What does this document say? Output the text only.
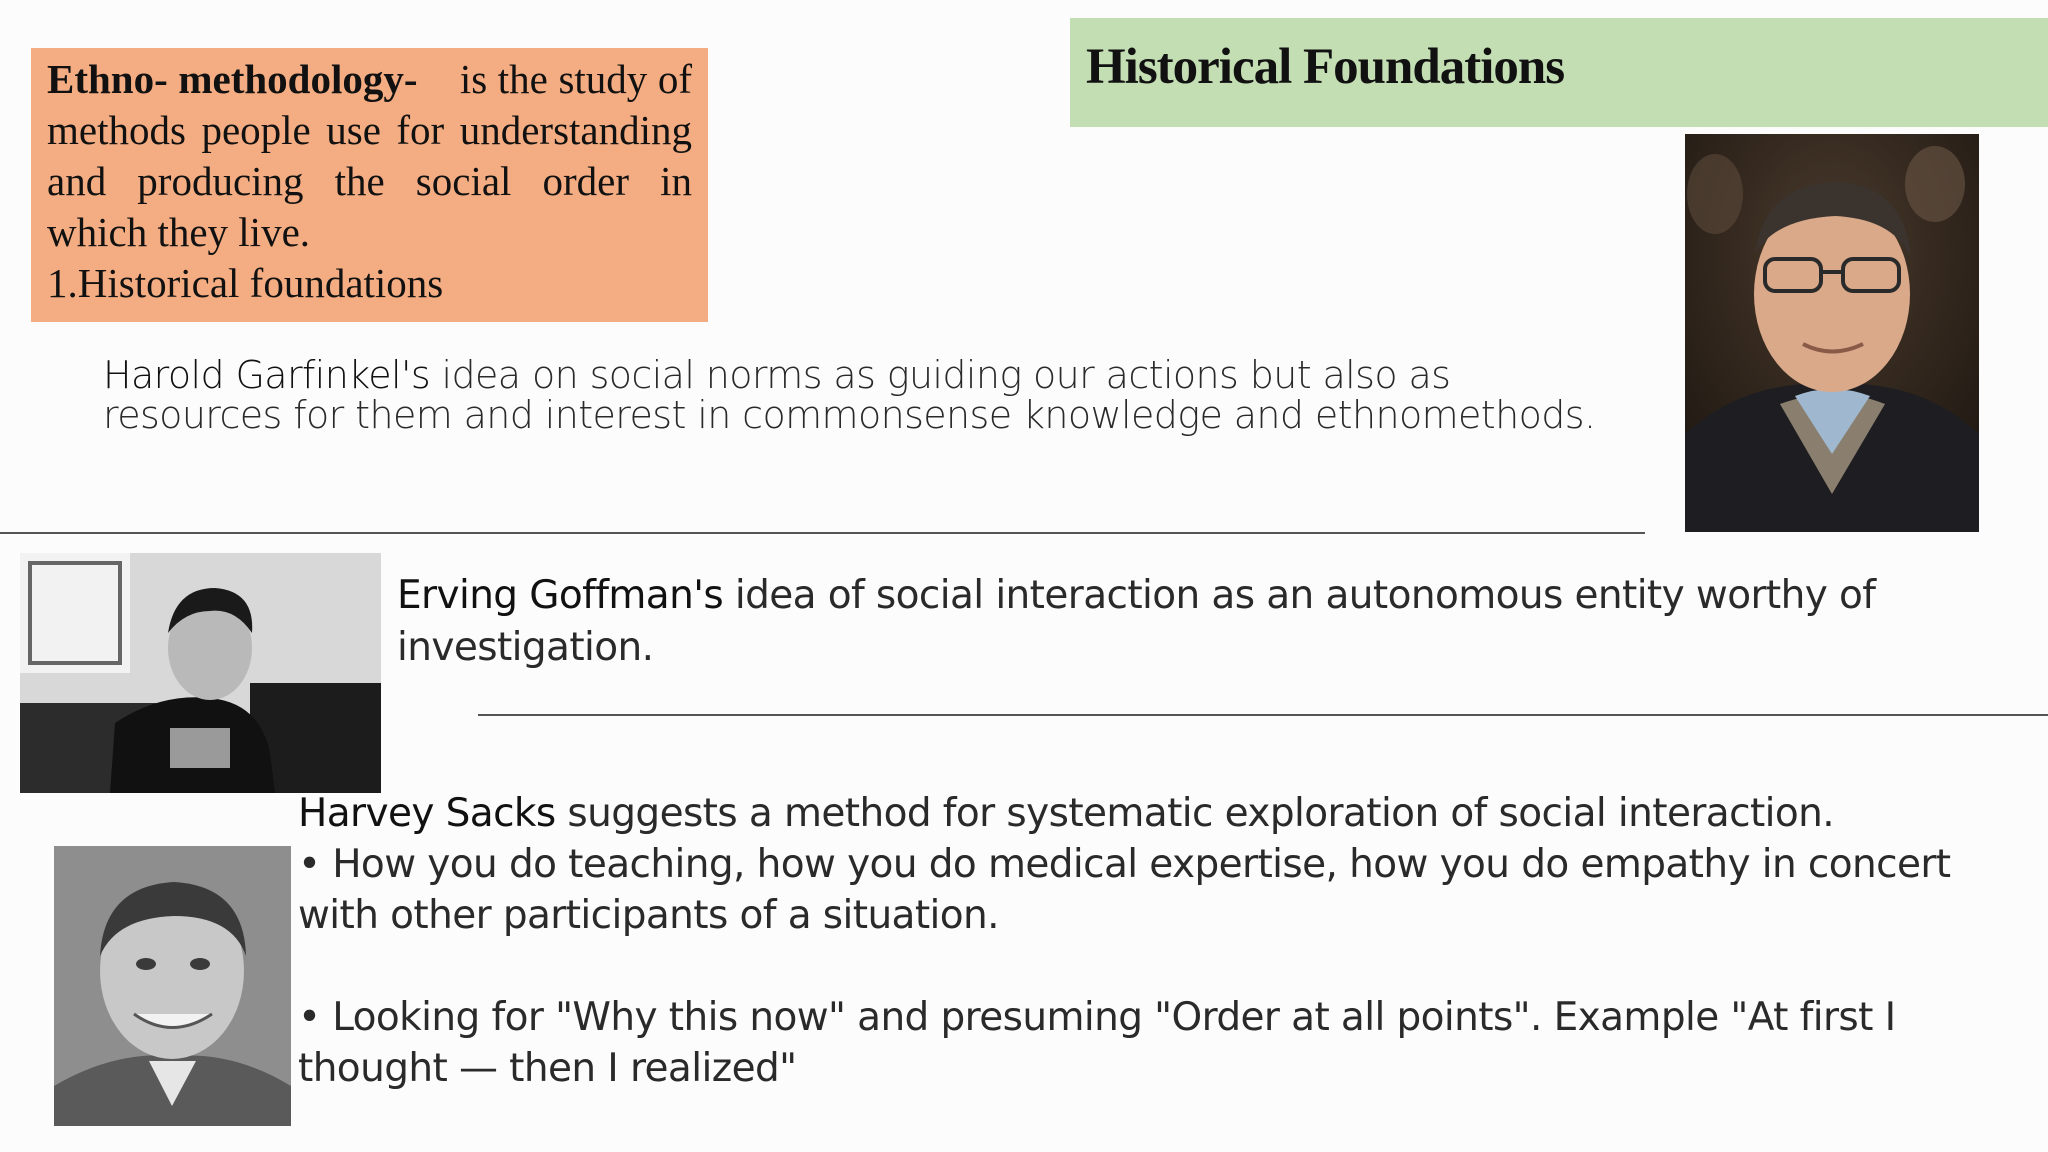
Ethno- methodology- is the study of methods people use for understanding and producing the social order in which they live.
1.Historical foundations
Historical Foundations
Harold Garfinkel's idea on social norms as guiding our actions but also as
resources for them and interest in commonsense knowledge and ethnomethods.
Erving Goffman's idea of social interaction as an autonomous entity worthy of
investigation.
Harvey Sacks suggests a method for systematic exploration of social interaction.
• How you do teaching, how you do medical expertise, how you do empathy in concert
with other participants of a situation.

• Looking for "Why this now" and presuming "Order at all points". Example "At first I
thought — then I realized"
